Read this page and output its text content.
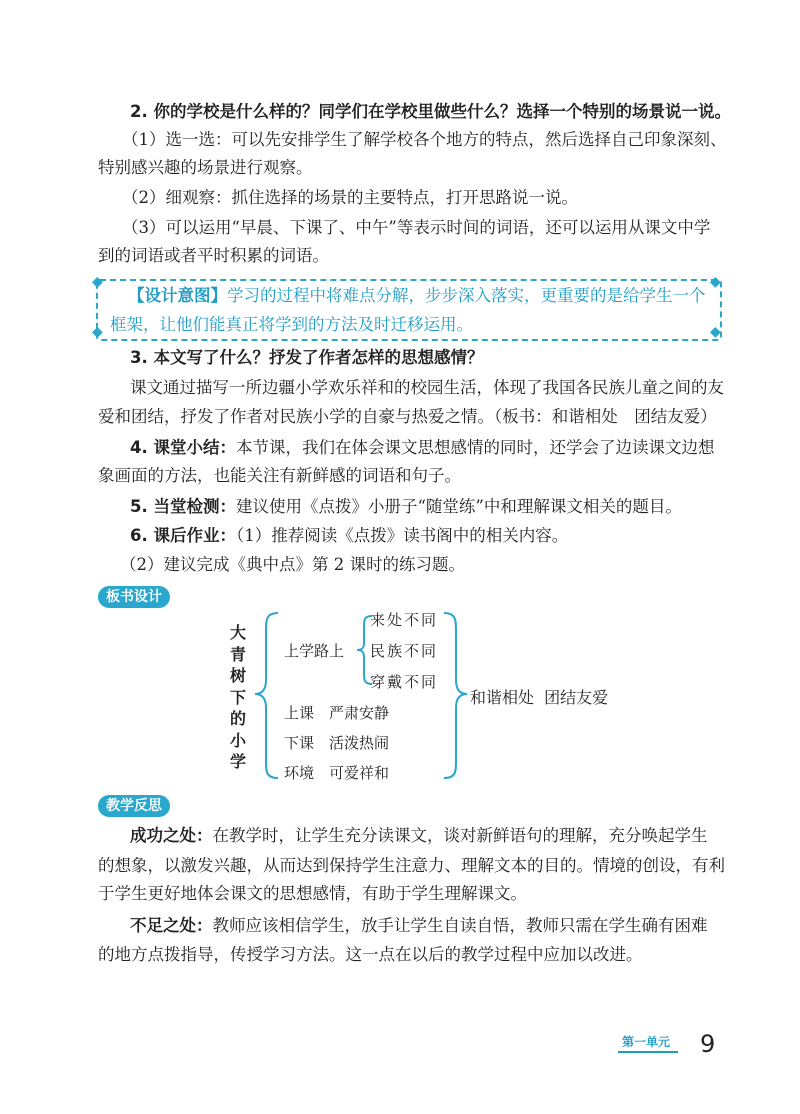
2. 你的学校是什么样的？同学们在学校里做些什么？选择一个特别的场景说一说。
（1）选一选：可以先安排学生了解学校各个地方的特点，然后选择自己印象深刻、
特别感兴趣的场景进行观察。
（2）细观察：抓住选择的场景的主要特点，打开思路说一说。
（3）可以运用“早晨、下课了、中午”等表示时间的词语，还可以运用从课文中学
到的词语或者平时积累的词语。
◆	◆
◆	◆
【设计意图】学习的过程中将难点分解，步步深入落实，更重要的是给学生一个
框架，让他们能真正将学到的方法及时迁移运用。
3. 本文写了什么？抒发了作者怎样的思想感情？
课文通过描写一所边疆小学欢乐祥和的校园生活，体现了我国各民族儿童之间的友
爱和团结，抒发了作者对民族小学的自豪与热爱之情。（板书：和谐相处　团结友爱）
4. 课堂小结：本节课，我们在体会课文思想感情的同时，还学会了边读课文边想
象画面的方法，也能关注有新鲜感的词语和句子。
5. 当堂检测：建议使用《点拨》小册子“随堂练”中和理解课文相关的题目。
6. 课后作业：（1）推荐阅读《点拨》读书阁中的相关内容。
（2）建议完成《典中点》第 2 课时的练习题。
板书设计
大
青
树
下
的
小
学
上学路上
来处不同
民族不同
穿戴不同
上课　 严肃安静
下课　 活泼热闹
环境　 可爱祥和
和谐相处  团结友爱
教学反思
成功之处：在教学时，让学生充分读课文，谈对新鲜语句的理解，充分唤起学生
的想象，以激发兴趣，从而达到保持学生注意力、理解文本的目的。情境的创设，有利
于学生更好地体会课文的思想感情，有助于学生理解课文。
不足之处：教师应该相信学生，放手让学生自读自悟，教师只需在学生确有困难
的地方点拨指导，传授学习方法。这一点在以后的教学过程中应加以改进。
第一单元 9
